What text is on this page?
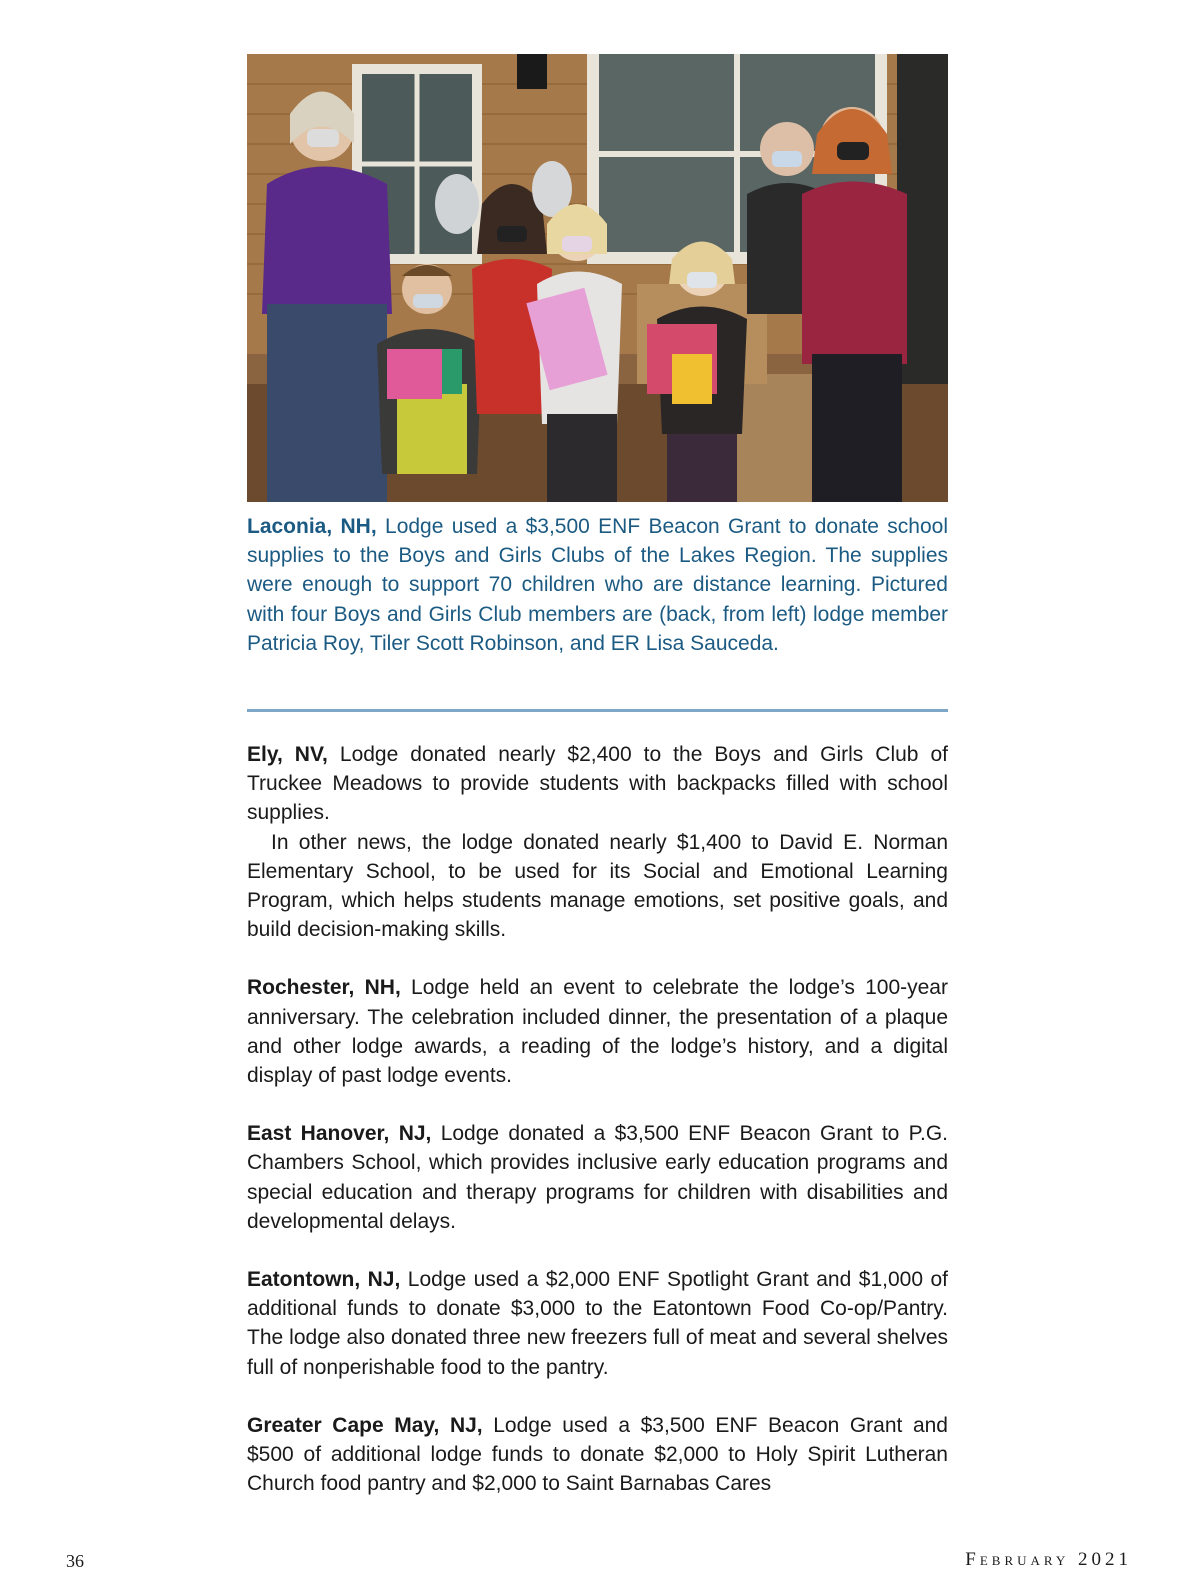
Laconia, NH, Lodge used a $3,500 ENF Beacon Grant to donate school supplies to the Boys and Girls Clubs of the Lakes Region. The supplies were enough to support 70 children who are distance learning. Pictured with four Boys and Girls Club members are (back, from left) lodge member Patricia Roy, Tiler Scott Robinson, and ER Lisa Sauceda.

Ely, NV, Lodge donated nearly $2,400 to the Boys and Girls Club of Truckee Meadows to provide students with backpacks filled with school supplies.

In other news, the lodge donated nearly $1,400 to David E. Norman Elementary School, to be used for its Social and Emotional Learning Program, which helps students manage emotions, set positive goals, and build decision-making skills.

Rochester, NH, Lodge held an event to celebrate the lodge’s 100-year anniversary. The celebration included dinner, the presentation of a plaque and other lodge awards, a reading of the lodge’s history, and a digital display of past lodge events.

East Hanover, NJ, Lodge donated a $3,500 ENF Beacon Grant to P.G. Chambers School, which provides inclusive early education programs and special education and therapy programs for children with disabilities and developmental delays.

Eatontown, NJ, Lodge used a $2,000 ENF Spotlight Grant and $1,000 of additional funds to donate $3,000 to the Eatontown Food Co-op/Pantry. The lodge also donated three new freezers full of meat and several shelves full of nonperishable food to the pantry.

Greater Cape May, NJ, Lodge used a $3,500 ENF Beacon Grant and $500 of additional lodge funds to donate $2,000 to Holy Spirit Lutheran Church food pantry and $2,000 to Saint Barnabas Cares

36	February 2021
